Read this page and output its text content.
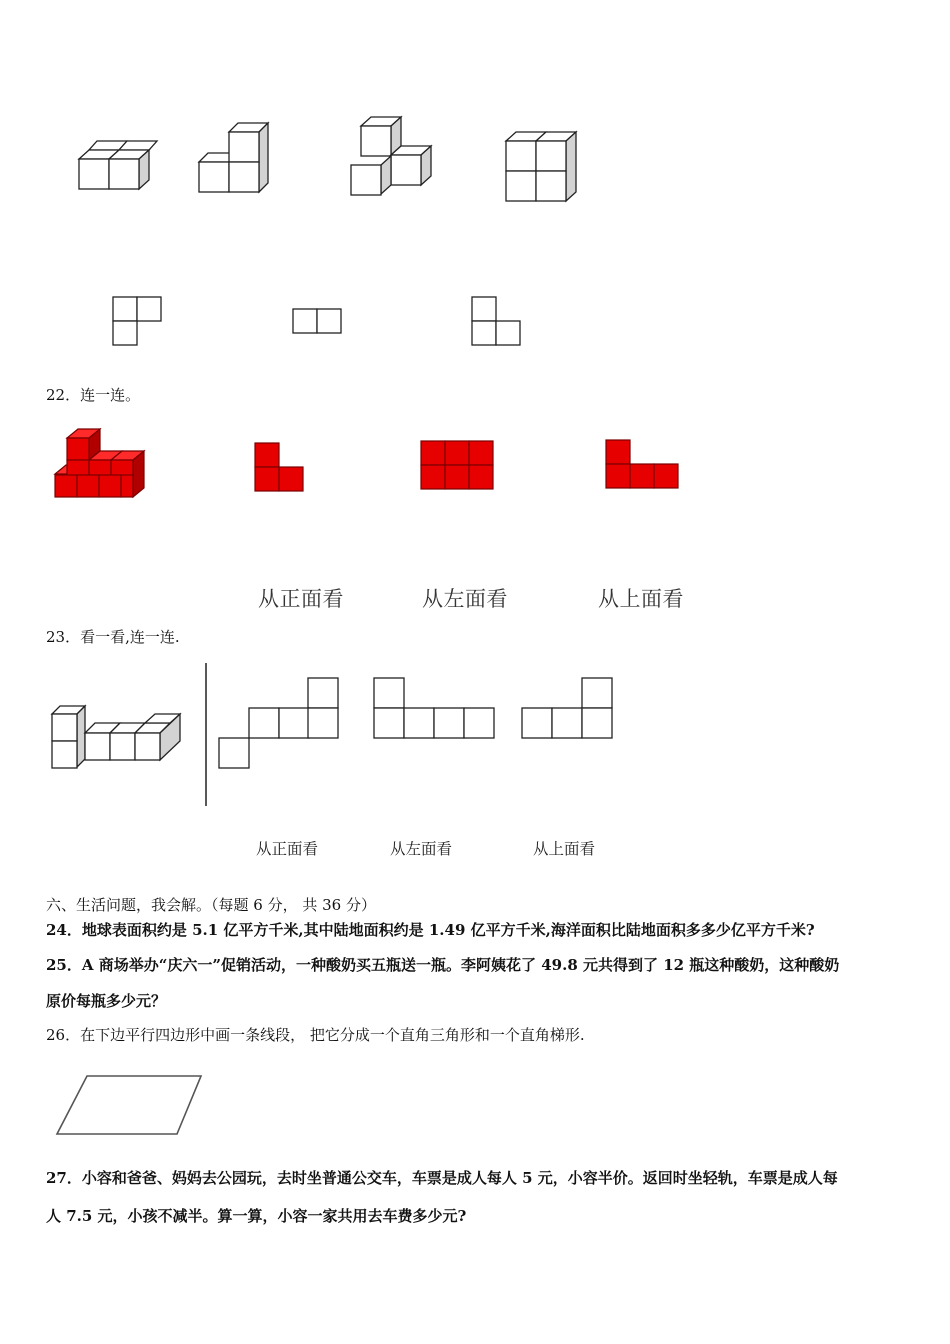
22．连一连。
从正面看	从左面看	从上面看
23．看一看,连一连.
从正面看	从左面看	从上面看
六、生活问题，我会解。（每题 6 分， 共 36 分）
24．地球表面积约是 5.1 亿平方千米,其中陆地面积约是 1.49 亿平方千米,海洋面积比陆地面积多多少亿平方千米?
25．A 商场举办“庆六一”促销活动，一种酸奶买五瓶送一瓶。李阿姨花了 49.8 元共得到了 12 瓶这种酸奶，这种酸奶
原价每瓶多少元？
26．在下边平行四边形中画一条线段， 把它分成一个直角三角形和一个直角梯形.
27．小容和爸爸、妈妈去公园玩，去时坐普通公交车，车票是成人每人 5 元，小容半价。返回时坐轻轨，车票是成人每
人 7.5 元，小孩不减半。算一算，小容一家共用去车费多少元?
